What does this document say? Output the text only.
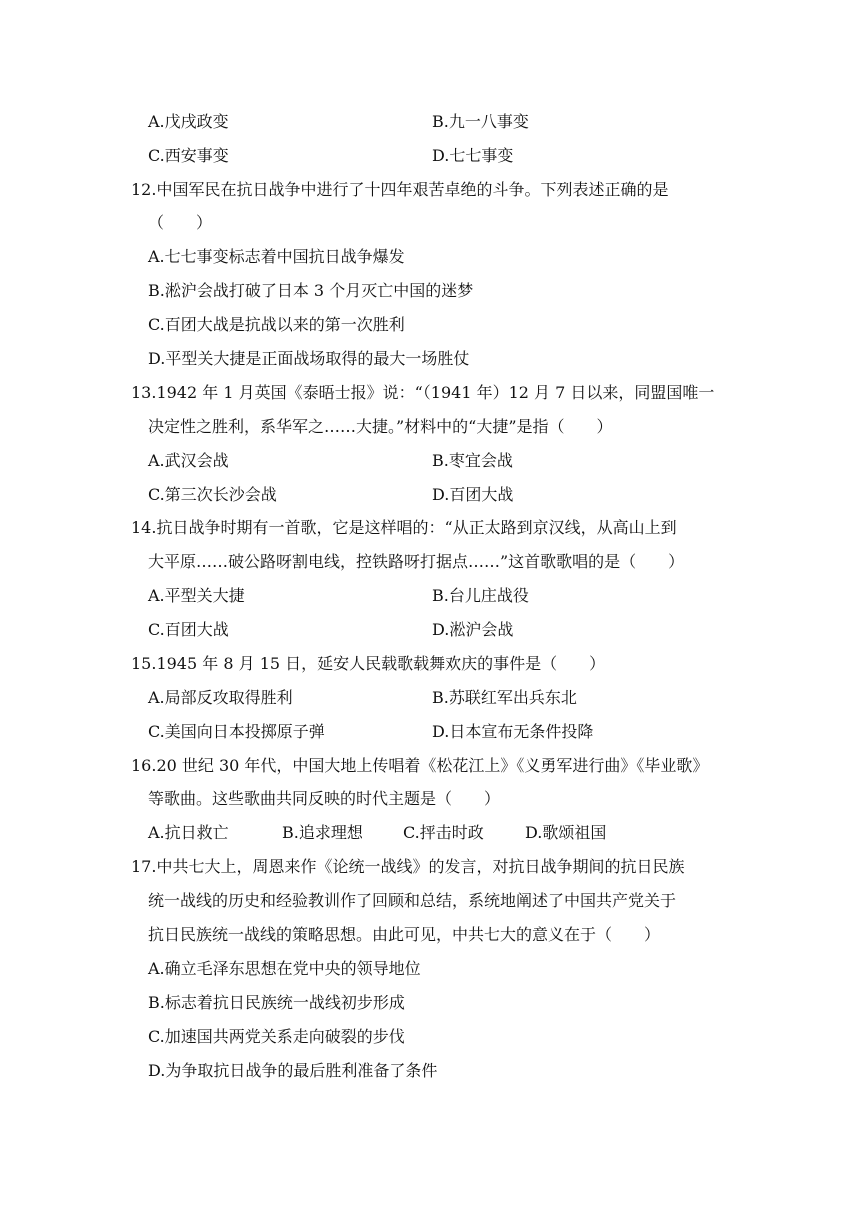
A.戊戌政变	B.九一八事变
C.西安事变	D.七七事变
12.中国军民在抗日战争中进行了十四年艰苦卓绝的斗争。下列表述正确的是
（　　）
A.七七事变标志着中国抗日战争爆发
B.淞沪会战打破了日本 3 个月灭亡中国的迷梦
C.百团大战是抗战以来的第一次胜利
D.平型关大捷是正面战场取得的最大一场胜仗
13.1942 年 1 月英国《泰晤士报》说：“（1941 年）12 月 7 日以来，同盟国唯一
决定性之胜利，系华军之……大捷。”材料中的“大捷”是指（　　）
A.武汉会战	B.枣宜会战
C.第三次长沙会战	D.百团大战
14.抗日战争时期有一首歌，它是这样唱的：“从正太路到京汉线，从高山上到
大平原……破公路呀割电线，控铁路呀打据点……”这首歌歌唱的是（　　）
A.平型关大捷	B.台儿庄战役
C.百团大战	D.淞沪会战
15.1945 年 8 月 15 日，延安人民载歌载舞欢庆的事件是（　　）
A.局部反攻取得胜利	B.苏联红军出兵东北
C.美国向日本投掷原子弹	D.日本宣布无条件投降
16.20 世纪 30 年代，中国大地上传唱着《松花江上》《义勇军进行曲》《毕业歌》
等歌曲。这些歌曲共同反映的时代主题是（　　）
A.抗日救亡	B.追求理想	C.抨击时政	D.歌颂祖国
17.中共七大上，周恩来作《论统一战线》的发言，对抗日战争期间的抗日民族
统一战线的历史和经验教训作了回顾和总结，系统地阐述了中国共产党关于
抗日民族统一战线的策略思想。由此可见，中共七大的意义在于（　　）
A.确立毛泽东思想在党中央的领导地位
B.标志着抗日民族统一战线初步形成
C.加速国共两党关系走向破裂的步伐
D.为争取抗日战争的最后胜利准备了条件
